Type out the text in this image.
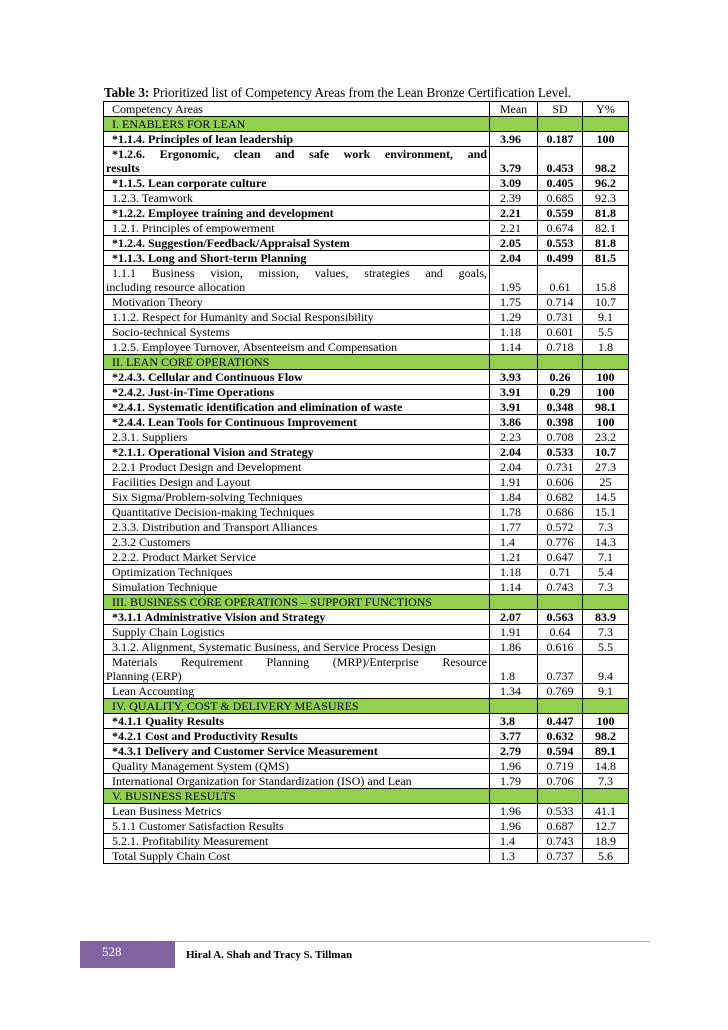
Table 3: Prioritized list of Competency Areas from the Lean Bronze Certification Level.
Competency Areas	Mean	SD	Y%
I. ENABLERS FOR LEAN			
*1.1.4. Principles of lean leadership	3.96	0.187	100

*1.2.6. Ergonomic, clean and safe work environment, and
results	3.79	0.453	98.2
*1.1.5. Lean corporate culture	3.09	0.405	96.2
1.2.3. Teamwork	2.39	0.685	92.3
*1.2.2. Employee training and development	2.21	0.559	81.8
1.2.1. Principles of empowerment	2.21	0.674	82.1
*1.2.4. Suggestion/Feedback/Appraisal System	2.05	0.553	81.8
*1.1.3. Long and Short-term Planning	2.04	0.499	81.5

1.1.1 Business vision, mission, values, strategies and goals,
including resource allocation	1.95	0.61	15.8
Motivation Theory	1.75	0.714	10.7
1.1.2. Respect for Humanity and Social Responsibility	1.29	0.731	9.1
Socio-technical Systems	1.18	0.601	5.5
1.2.5. Employee Turnover, Absenteeism and Compensation	1.14	0.718	1.8
II. LEAN CORE OPERATIONS			
*2.4.3. Cellular and Continuous Flow	3.93	0.26	100
*2.4.2. Just-in-Time Operations	3.91	0.29	100
*2.4.1. Systematic identification and elimination of waste	3.91	0.348	98.1
*2.4.4. Lean Tools for Continuous Improvement	3.86	0.398	100
2.3.1. Suppliers	2.23	0.708	23.2
*2.1.1. Operational Vision and Strategy	2.04	0.533	10.7
2.2.1 Product Design and Development	2.04	0.731	27.3
Facilities Design and Layout	1.91	0.606	25
Six Sigma/Problem-solving Techniques	1.84	0.682	14.5
Quantitative Decision-making Techniques	1.78	0.686	15.1
2.3.3. Distribution and Transport Alliances	1.77	0.572	7.3
2.3.2 Customers	1.4	0.776	14.3
2.2.2. Product Market Service	1.21	0.647	7.1
Optimization Techniques	1.18	0.71	5.4
Simulation Technique	1.14	0.743	7.3
III. BUSINESS CORE OPERATIONS – SUPPORT FUNCTIONS			
*3.1.1 Administrative Vision and Strategy	2.07	0.563	83.9
Supply Chain Logistics	1.91	0.64	7.3
3.1.2. Alignment, Systematic Business, and Service Process Design	1.86	0.616	5.5

Materials Requirement Planning (MRP)/Enterprise Resource
Planning (ERP)	1.8	0.737	9.4
Lean Accounting	1.34	0.769	9.1
IV. QUALITY, COST & DELIVERY MEASURES			
*4.1.1 Quality Results	3.8	0.447	100
*4.2.1 Cost and Productivity Results	3.77	0.632	98.2
*4.3.1 Delivery and Customer Service Measurement	2.79	0.594	89.1
Quality Management System (QMS)	1.96	0.719	14.8
International Organization for Standardization (ISO) and Lean	1.79	0.706	7.3
V. BUSINESS RESULTS			
Lean Business Metrics	1.96	0.533	41.1
5.1.1 Customer Satisfaction Results	1.96	0.687	12.7
5.2.1. Profitability Measurement	1.4	0.743	18.9
Total Supply Chain Cost	1.3	0.737	5.6
528	Hiral A. Shah and Tracy S. Tillman
